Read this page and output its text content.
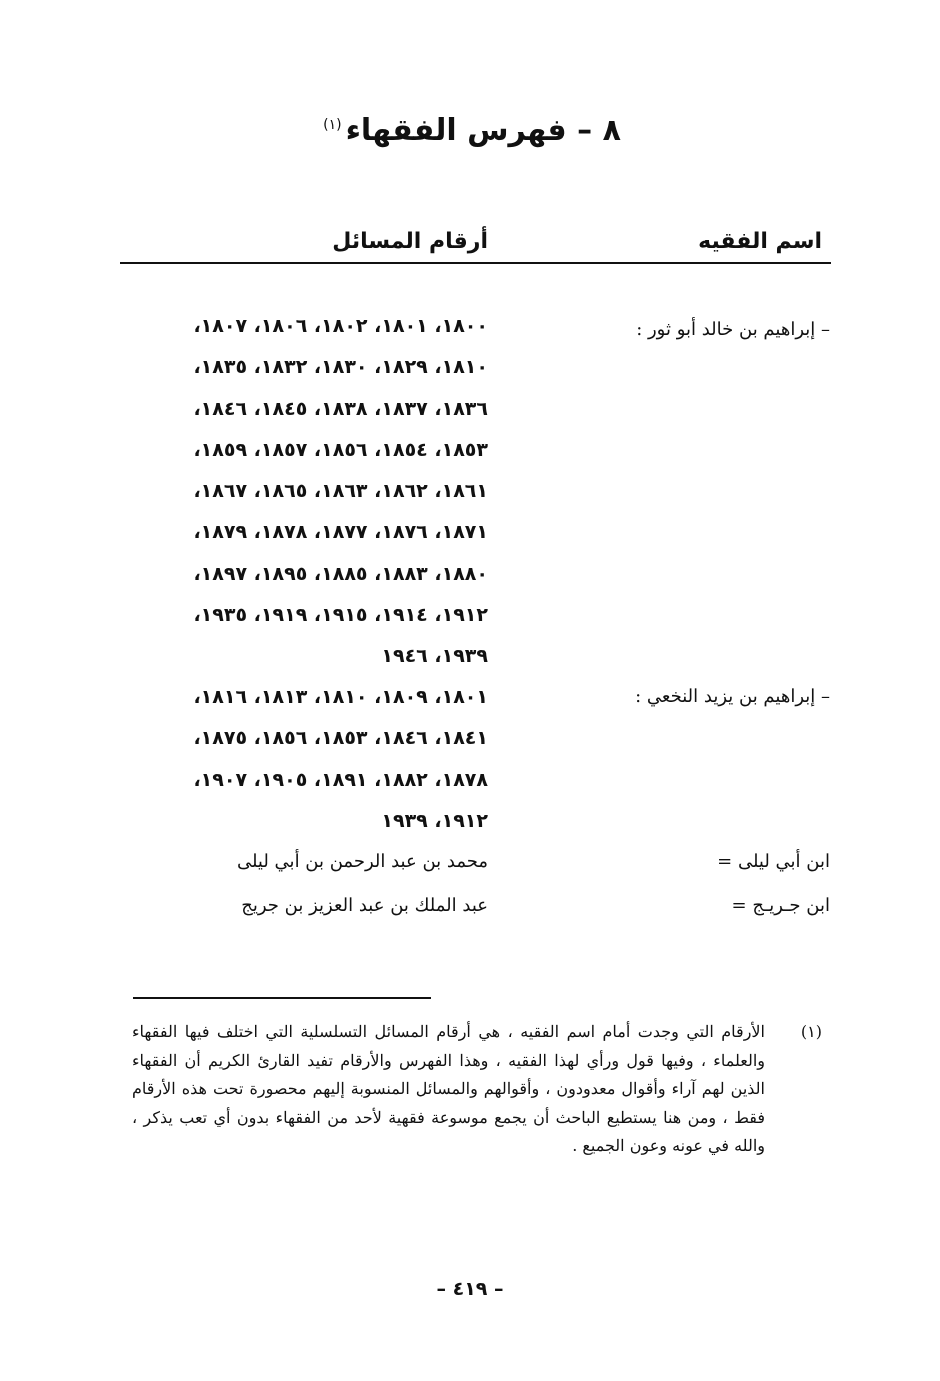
٨ – فهرس الفقهاء$^{(١)}$
اسم الفقيه
أرقام المسائل
– إبراهيم بن خالد أبو ثور :
١٨٠٠، ١٨٠١، ١٨٠٢، ١٨٠٦، ١٨٠٧،
١٨١٠، ١٨٢٩، ١٨٣٠، ١٨٣٢، ١٨٣٥،
١٨٣٦، ١٨٣٧، ١٨٣٨، ١٨٤٥، ١٨٤٦،
١٨٥٣، ١٨٥٤، ١٨٥٦، ١٨٥٧، ١٨٥٩،
١٨٦١، ١٨٦٢، ١٨٦٣، ١٨٦٥، ١٨٦٧،
١٨٧١، ١٨٧٦، ١٨٧٧، ١٨٧٨، ١٨٧٩،
١٨٨٠، ١٨٨٣، ١٨٨٥، ١٨٩٥، ١٨٩٧،
١٩١٢، ١٩١٤، ١٩١٥، ١٩١٩، ١٩٣٥،
١٩٣٩، ١٩٤٦
– إبراهيم بن يزيد النخعي :
١٨٠١، ١٨٠٩، ١٨١٠، ١٨١٣، ١٨١٦،
١٨٤١، ١٨٤٦، ١٨٥٣، ١٨٥٦، ١٨٧٥،
١٨٧٨، ١٨٨٢، ١٨٩١، ١٩٠٥، ١٩٠٧،
١٩١٢، ١٩٣٩
ابن أبي ليلى =
محمد بن عبد الرحمن بن أبي ليلى
ابن جـريـج =
عبد الملك بن عبد العزيز بن جريج
(١)
الأرقام التي وجدت أمام اسم الفقيه ، هي أرقام المسائل التسلسلية التي اختلف فيها الفقهاء والعلماء ، وفيها قول ورأي لهذا الفقيه ، وهذا الفهرس والأرقام تفيد القارئ الكريم أن الفقهاء الذين لهم آراء وأقوال معدودون ، وأقوالهم والمسائل المنسوبة إليهم محصورة تحت هذه الأرقام فقط ، ومن هنا يستطيع الباحث أن يجمع موسوعة فقهية لأحد من الفقهاء بدون أي تعب يذكر ، والله في عونه وعون الجميع .
– ٤١٩ –
